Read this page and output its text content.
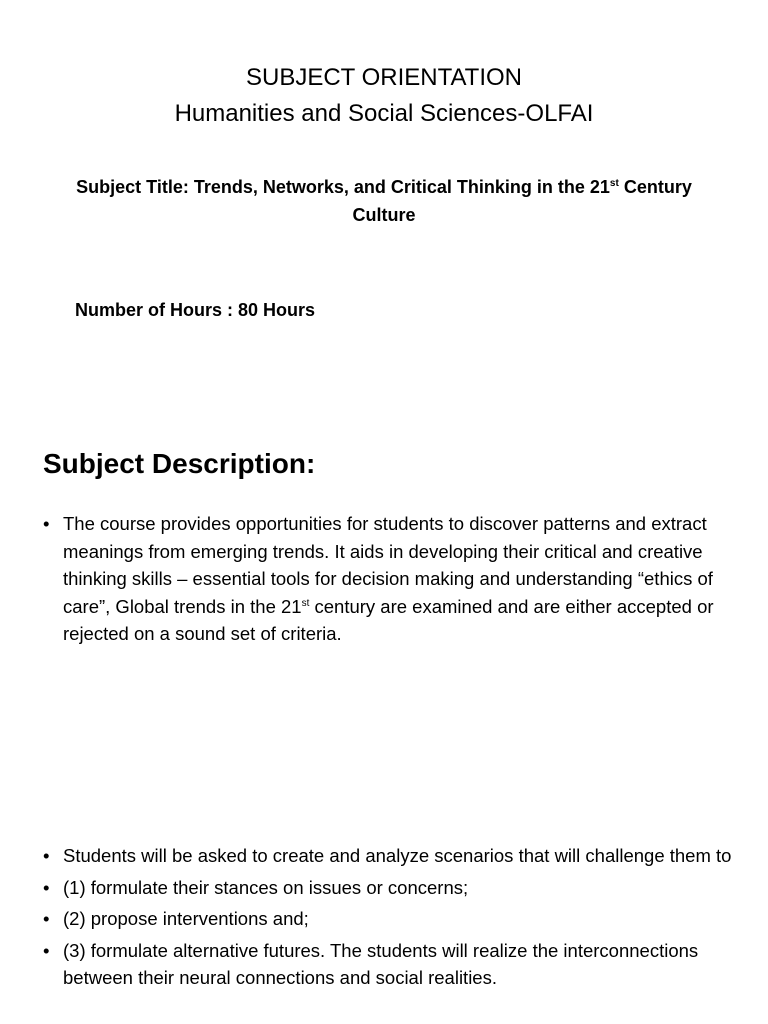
SUBJECT ORIENTATION
Humanities and Social Sciences-OLFAI
Subject Title: Trends, Networks, and Critical Thinking in the 21st Century Culture
Number of Hours : 80 Hours
Subject Description:
• The course provides opportunities for students to discover patterns and extract meanings from emerging trends. It aids in developing their critical and creative thinking skills – essential tools for decision making and understanding “ethics of care”, Global trends in the 21st century are examined and are either accepted or rejected on a sound set of criteria.
• Students will be asked to create and analyze scenarios that will challenge them to
• (1) formulate their stances on issues or concerns;
• (2) propose interventions and;
• (3) formulate alternative futures. The students will realize the interconnections between their neural connections and social realities.
